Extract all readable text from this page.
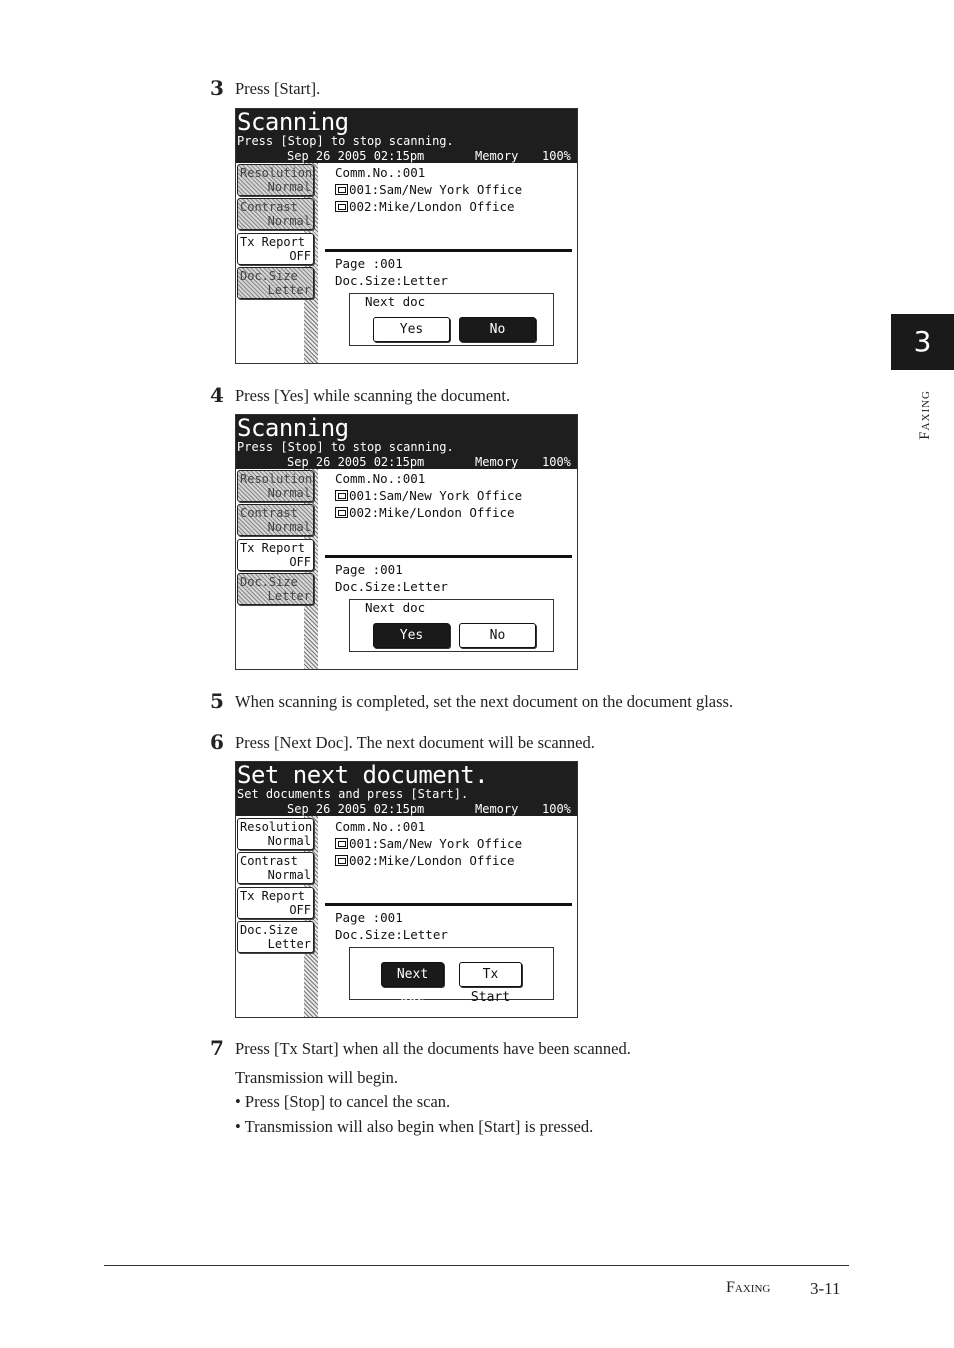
3 Press [Start].
Scanning
Press [Stop] to stop scanning.
Sep 26 2005 02:15pm	Memory 100%
Resolution
Normal
Contrast
Normal
Tx Report
OFF
Doc.Size
Letter
Comm.No.:001
001:Sam/New York Office
002:Mike/London Office
Page :001
Doc.Size:Letter
Next doc
Yes	No
4 Press [Yes] while scanning the document.
Scanning
Press [Stop] to stop scanning.
Sep 26 2005 02:15pm	Memory 100%
Resolution
Normal
Contrast
Normal
Tx Report
OFF
Doc.Size
Letter
Comm.No.:001
001:Sam/New York Office
002:Mike/London Office
Page :001
Doc.Size:Letter
Next doc
Yes	No
5 When scanning is completed, set the next document on the document glass.
6 Press [Next Doc]. The next document will be scanned.
Set next document.
Set documents and press [Start].
Sep 26 2005 02:15pm	Memory 100%
Resolution
Normal
Contrast
Normal
Tx Report
OFF
Doc.Size
Letter
Comm.No.:001
001:Sam/New York Office
002:Mike/London Office
Page :001
Doc.Size:Letter
Next Doc
Tx Start
7 Press [Tx Start] when all the documents have been scanned.
Transmission will begin.
• Press [Stop] to cancel the scan.
• Transmission will also begin when [Start] is pressed.
3
Faxing
Faxing 3-11
